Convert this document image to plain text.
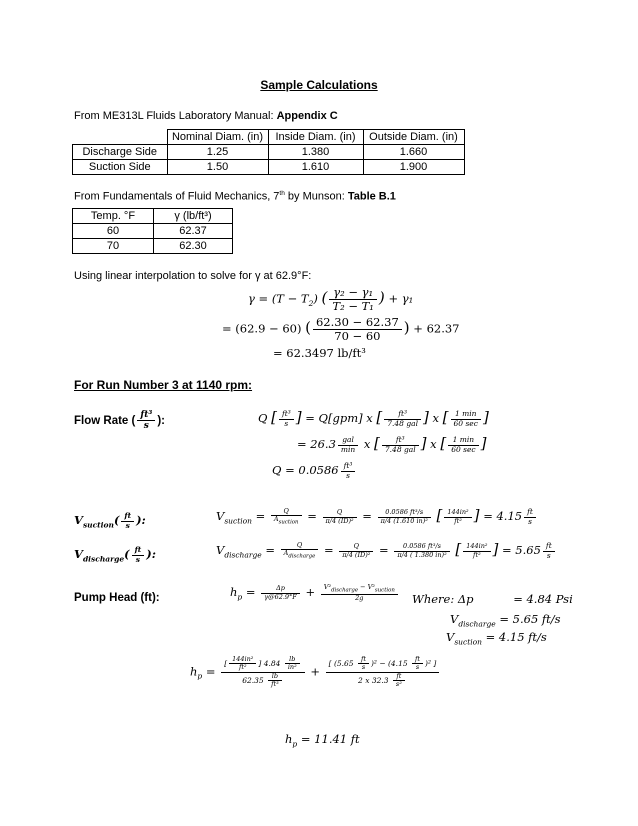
Sample Calculations
From ME313L Fluids Laboratory Manual: Appendix C
	Nominal Diam. (in)	Inside Diam. (in)	Outside Diam. (in)
Discharge Side	1.25	1.380	1.660
Suction Side	1.50	1.610	1.900
From Fundamentals of Fluid Mechanics, 7th by Munson: Table B.1
Temp. °F	γ (lb/ft³)
60	62.37
70	62.30
Using linear interpolation to solve for γ at 62.9°F:
$\gamma = (T - T_2)$ ( $\frac{\text{γ₂ − γ₁}}{\text{T₂ − T₁}}$ ) + γ₁
= (62.9 − 60) ( $\frac{62.30 - 62.37}{70 - 60}$ ) + 62.37
= 62.3497 lb/ft³
For Run Number 3 at 1140 rpm:
Flow Rate ( $\frac{\text{ft³}}{s}$ ):	Q [ $\frac{\text{ft³}}{s}$ ] = Q[gpm] x [ $\frac{\text{ft³}}{\text{7.48 gal}}$ ] x [ $\frac{1 \min}{60 \sec}$ ]
= $26.3 \frac{\text{gal}}{\min}$ x [ $\frac{\text{ft³}}{\text{7.48 gal}}$ ] x [ $\frac{1 \min}{60 \sec}$ ]
$Q = 0.0586 \frac{\text{ft³}}{s}$
$V_{suction}( \frac{ft}{s}$ ):	$V_{suction} = \frac{Q}{A_{suction}} = \frac{Q}{\text{π/4 (ID)²}} = \frac{\text{0.0586 ft³/s}}{\text{π/4 (1.610 in)²}}$ [ $\frac{\text{144in²}}{\text{ft²}}$ ] = $4.15 \frac{ft}{s}$
$V_{discharge}( \frac{ft}{s}$ ):	$V_{discharge} = \frac{Q}{A_{discharge}} = \frac{Q}{\text{π/4 (ID)²}} = \frac{\text{0.0586 ft³/s}}{\text{π/4 ( 1.380 in)²}}$ [ $\frac{\text{144in²}}{\text{ft²}}$ ] = $5.65 \frac{ft}{s}$
Pump Head (ft):	$h_p = \frac{\Delta p}{\gamma@62.9^\circ F} + \frac{V^2_{discharge} - V^2_{suction}}{2g}$ Where: Δp	= 4.84 Psi
$V_{discharge} = 5.65$ ft/s
$V_{suction} = 4.15$ ft/s
$h_p = \frac{[ \frac{\text{144in²}}{\text{ft²}} ] 4.84 \frac{lb}{\text{in²}}}{62.35 \frac{lb}{\text{ft³}}} + \frac{[ (5.65 \frac{ft}{s} )^2 - (4.15 \frac{ft}{s} )^2 ]}{2 x 32.3 \frac{ft}{\text{s²}}}$
$h_p = 11.41$ ft
